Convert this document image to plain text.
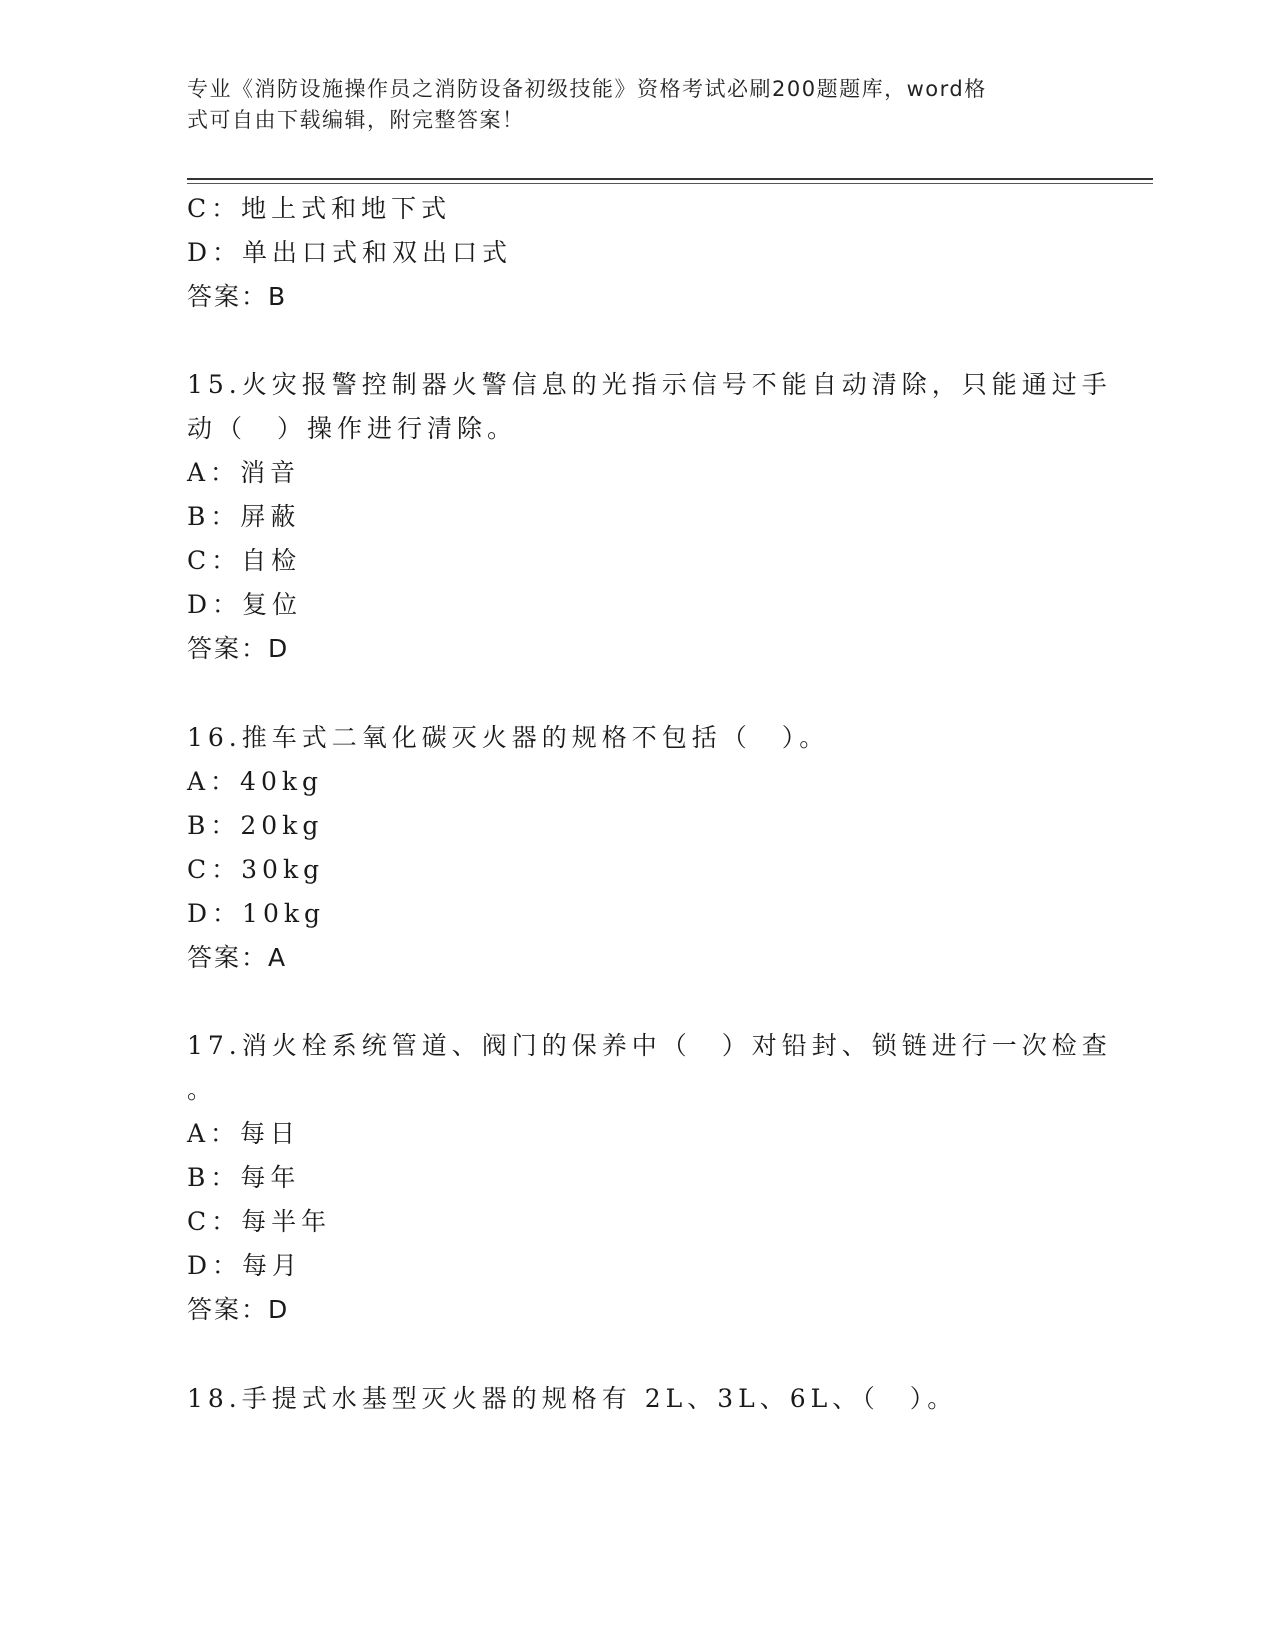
专业《消防设施操作员之消防设备初级技能》资格考试必刷200题题库，word格
式可自由下载编辑，附完整答案！
C：地上式和地下式
D：单出口式和双出口式
答案：B
15.火灾报警控制器火警信息的光指示信号不能自动清除，只能通过手
动（　）操作进行清除。
A：消音
B：屏蔽
C：自检
D：复位
答案：D
16.推车式二氧化碳灭火器的规格不包括（　）。
A：40kg
B：20kg
C：30kg
D：10kg
答案：A
17.消火栓系统管道、阀门的保养中（　）对铅封、锁链进行一次检查
。
A：每日
B：每年
C：每半年
D：每月
答案：D
18.手提式水基型灭火器的规格有 2L、3L、6L、（　）。
